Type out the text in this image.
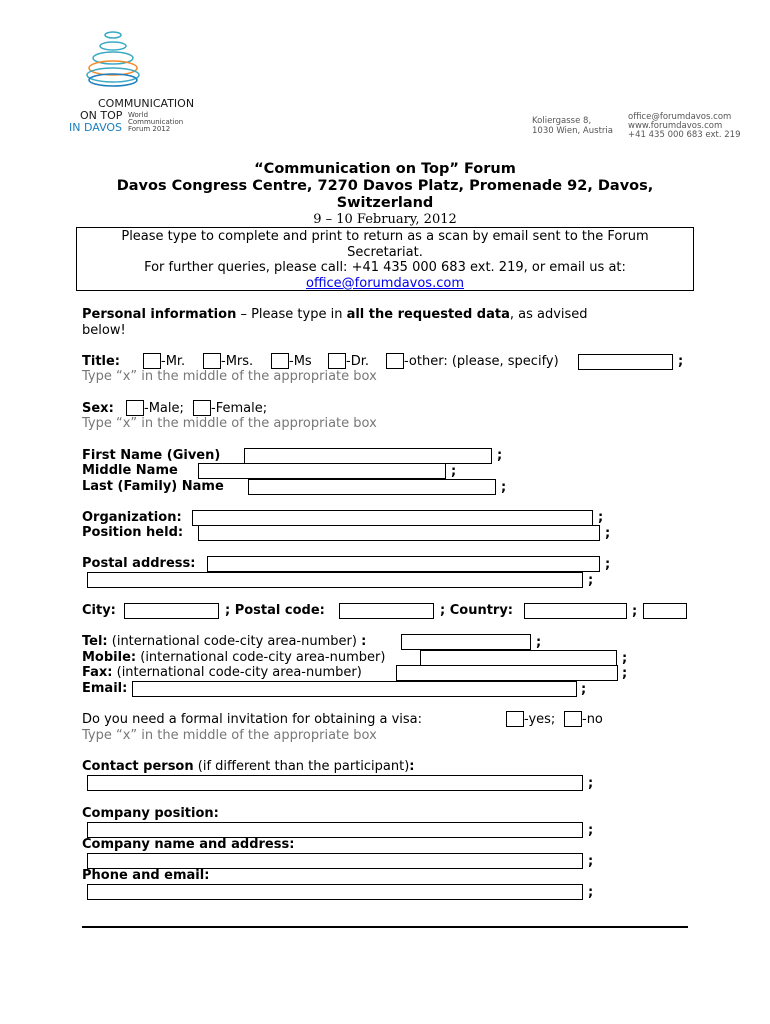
COMMUNICATION
ON TOP
IN DAVOS
World
Communication
Forum 2012
Koliergasse 8,
1030 Wien, Austria
office@forumdavos.com
www.forumdavos.com
+41 435 000 683 ext. 219
“Communication on Top” Forum
Davos Congress Centre, 7270 Davos Platz, Promenade 92, Davos,
Switzerland
9 – 10 February, 2012
Please type to complete and print to return as a scan by email sent to the Forum
Secretariat.
For further queries, please call: +41 435 000 683 ext. 219, or email us at:
office@forumdavos.com
Personal information – Please type in all the requested data, as advised
below!
Title:	-Mr.	-Mrs.	-Ms	-Dr.	-other: (please, specify)	;
Type “x” in the middle of the appropriate box
Sex: -Male; -Female;
Type “x” in the middle of the appropriate box
First Name (Given)	;
Middle Name	;
Last (Family) Name	;
Organization:	;
Position held:	;
Postal address:	;
;
City:	; Postal code:	; Country:	;
Tel: (international code-city area-number) :	;
Mobile: (international code-city area-number)	;
Fax: (international code-city area-number)	;
Email:	;
Do you need a formal invitation for obtaining a visa:	-yes; -no
Type “x” in the middle of the appropriate box
Contact person (if different than the participant):
;
Company position:
;
Company name and address:
;
Phone and email:
;
